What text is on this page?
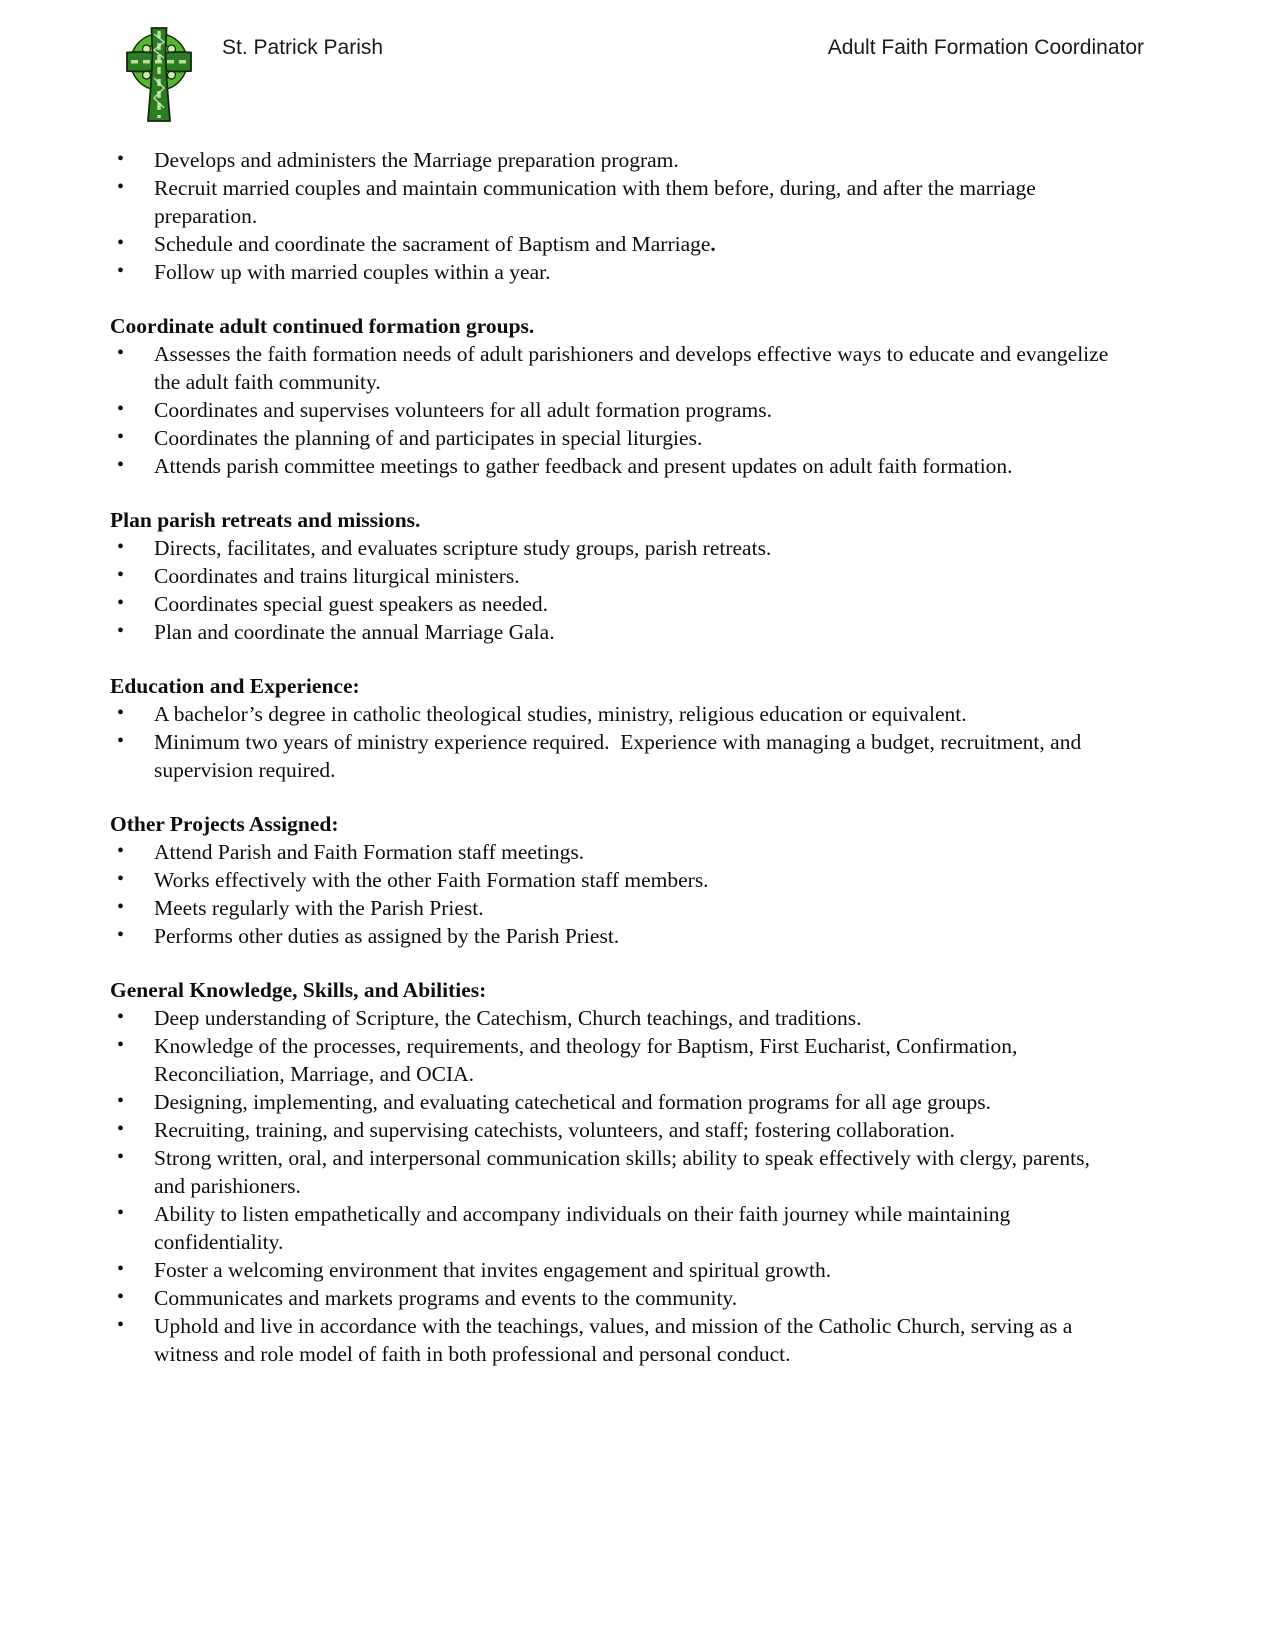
St. Patrick Parish	Adult Faith Formation Coordinator
• Develops and administers the Marriage preparation program.
• Recruit married couples and maintain communication with them before, during, and after the marriage preparation.
• Schedule and coordinate the sacrament of Baptism and Marriage.
• Follow up with married couples within a year.
Coordinate adult continued formation groups.
• Assesses the faith formation needs of adult parishioners and develops effective ways to educate and evangelize the adult faith community.
• Coordinates and supervises volunteers for all adult formation programs.
• Coordinates the planning of and participates in special liturgies.
• Attends parish committee meetings to gather feedback and present updates on adult faith formation.
Plan parish retreats and missions.
• Directs, facilitates, and evaluates scripture study groups, parish retreats.
• Coordinates and trains liturgical ministers.
• Coordinates special guest speakers as needed.
• Plan and coordinate the annual Marriage Gala.
Education and Experience:
• A bachelor’s degree in catholic theological studies, ministry, religious education or equivalent.
• Minimum two years of ministry experience required.  Experience with managing a budget, recruitment, and supervision required.
Other Projects Assigned:
• Attend Parish and Faith Formation staff meetings.
• Works effectively with the other Faith Formation staff members.
• Meets regularly with the Parish Priest.
• Performs other duties as assigned by the Parish Priest.
General Knowledge, Skills, and Abilities:
• Deep understanding of Scripture, the Catechism, Church teachings, and traditions.
• Knowledge of the processes, requirements, and theology for Baptism, First Eucharist, Confirmation, Reconciliation, Marriage, and OCIA.
• Designing, implementing, and evaluating catechetical and formation programs for all age groups.
• Recruiting, training, and supervising catechists, volunteers, and staff; fostering collaboration.
• Strong written, oral, and interpersonal communication skills; ability to speak effectively with clergy, parents, and parishioners.
• Ability to listen empathetically and accompany individuals on their faith journey while maintaining confidentiality.
• Foster a welcoming environment that invites engagement and spiritual growth.
• Communicates and markets programs and events to the community.
• Uphold and live in accordance with the teachings, values, and mission of the Catholic Church, serving as a witness and role model of faith in both professional and personal conduct.
